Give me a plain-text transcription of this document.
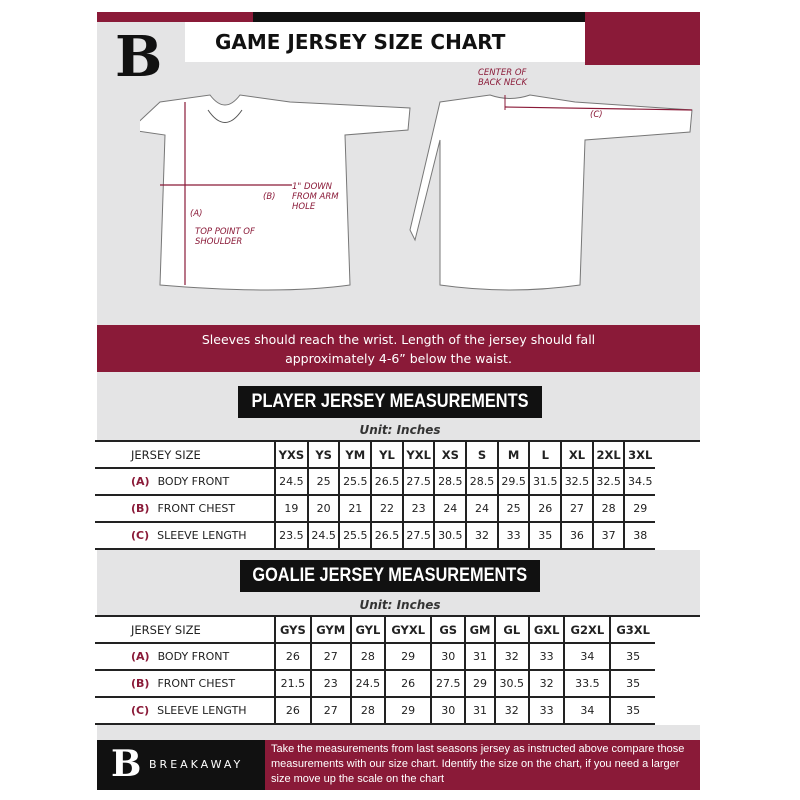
GAME JERSEY SIZE CHART
B
(A)
TOP POINT OF SHOULDER
(B)
1" DOWN FROM ARM HOLE
(C)
CENTER OF BACK NECK
Sleeves should reach the wrist. Length of the jersey should fall
approximately 4-6” below the waist.
PLAYER JERSEY MEASUREMENTS
Unit: Inches
JERSEY SIZE	YXS	YS	YM	YL	YXL	XS	S	M	L	XL	2XL	3XL	
(A) BODY FRONT	24.5	25	25.5	26.5	27.5	28.5	28.5	29.5	31.5	32.5	32.5	34.5	
(B) FRONT CHEST	19	20	21	22	23	24	24	25	26	27	28	29	
(C) SLEEVE LENGTH	23.5	24.5	25.5	26.5	27.5	30.5	32	33	35	36	37	38	
GOALIE JERSEY MEASUREMENTS
Unit: Inches
JERSEY SIZE	GYS	GYM	GYL	GYXL	GS	GM	GL	GXL	G2XL	G3XL	
(A) BODY FRONT	26	27	28	29	30	31	32	33	34	35	
(B) FRONT CHEST	21.5	23	24.5	26	27.5	29	30.5	32	33.5	35	
(C) SLEEVE LENGTH	26	27	28	29	30	31	32	33	34	35	
B BREAKAWAY
Take the measurements from last seasons jersey as instructed above compare those measurements with our size chart. Identify the size on the chart, if you need a larger size move up the scale on the chart
